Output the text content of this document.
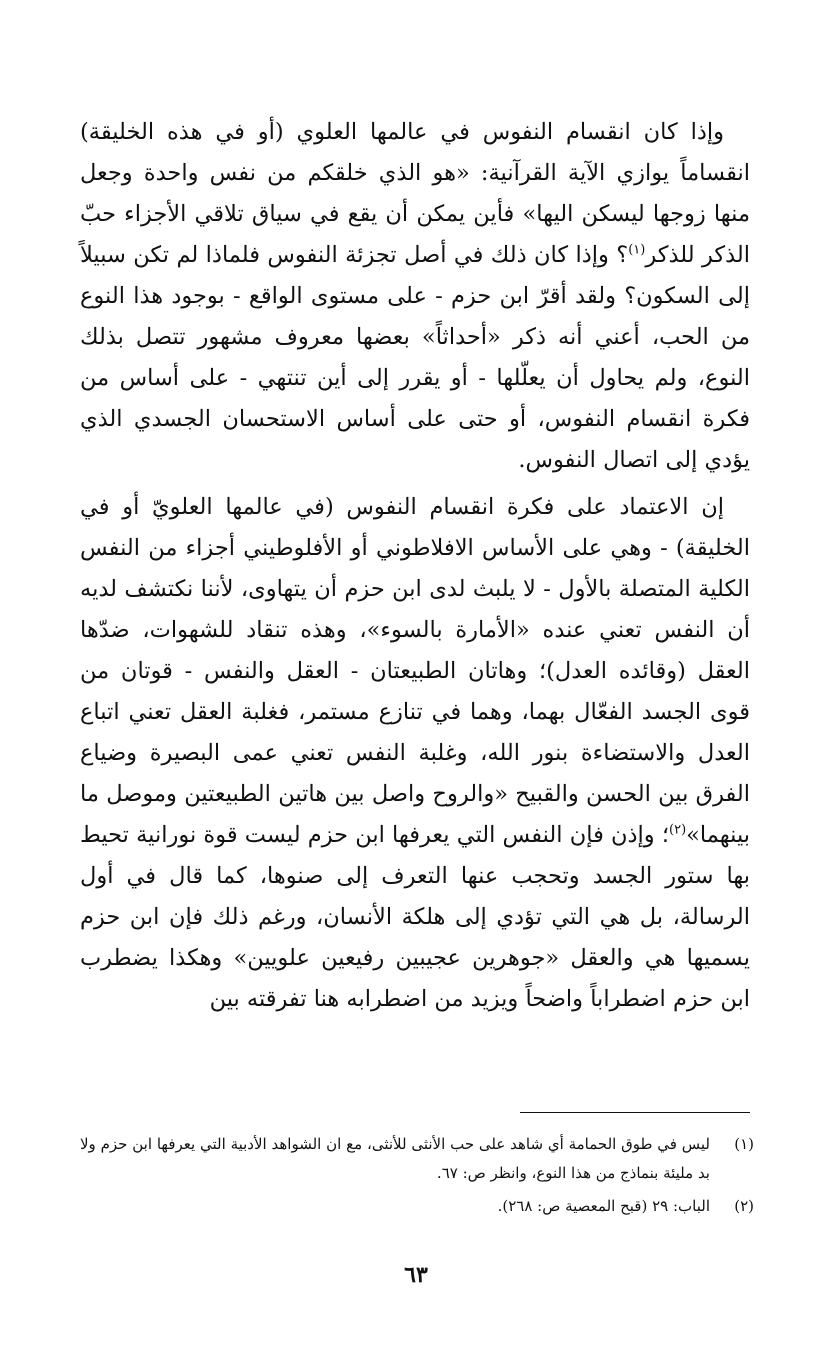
وإذا كان انقسام النفوس في عالمها العلوي (أو في هذه الخليقة) انقساماً يوازي الآية القرآنية: «هو الذي خلقكم من نفس واحدة وجعل منها زوجها ليسكن اليها» فأين يمكن أن يقع في سياق تلاقي الأجزاء حبّ الذكر للذكر$^{(١)}$؟ وإذا كان ذلك في أصل تجزئة النفوس فلماذا لم تكن سبيلاً إلى السكون؟ ولقد أقرّ ابن حزم - على مستوى الواقع - بوجود هذا النوع من الحب، أعني أنه ذكر «أحداثاً» بعضها معروف مشهور تتصل بذلك النوع، ولم يحاول أن يعلّلها - أو يقرر إلى أين تنتهي - على أساس من فكرة انقسام النفوس، أو حتى على أساس الاستحسان الجسدي الذي يؤدي إلى اتصال النفوس.

إن الاعتماد على فكرة انقسام النفوس (في عالمها العلويّ أو في الخليقة) - وهي على الأساس الافلاطوني أو الأفلوطيني أجزاء من النفس الكلية المتصلة بالأول - لا يلبث لدى ابن حزم أن يتهاوى، لأننا نكتشف لديه أن النفس تعني عنده «الأمارة بالسوء»، وهذه تنقاد للشهوات، ضدّها العقل (وقائده العدل)؛ وهاتان الطبيعتان - العقل والنفس - قوتان من قوى الجسد الفعّال بهما، وهما في تنازع مستمر، فغلبة العقل تعني اتباع العدل والاستضاءة بنور الله، وغلبة النفس تعني عمى البصيرة وضياع الفرق بين الحسن والقبيح «والروح واصل بين هاتين الطبيعتين وموصل ما بينهما»$^{(٢)}$؛ وإذن فإن النفس التي يعرفها ابن حزم ليست قوة نورانية تحيط بها ستور الجسد وتحجب عنها التعرف إلى صنوها، كما قال في أول الرسالة، بل هي التي تؤدي إلى هلكة الأنسان، ورغم ذلك فإن ابن حزم يسميها هي والعقل «جوهرين عجيبين رفيعين علويين» وهكذا يضطرب ابن حزم اضطراباً واضحاً ويزيد من اضطرابه هنا تفرقته بين

(١)
ليس في طوق الحمامة أي شاهد على حب الأنثى للأنثى، مع ان الشواهد الأدبية التي يعرفها ابن حزم ولا بد مليئة بنماذج من هذا النوع، وانظر ص: ٦٧.
(٢)
الباب: ٢٩ (قبح المعصية ص: ٢٦٨).
٦٣
